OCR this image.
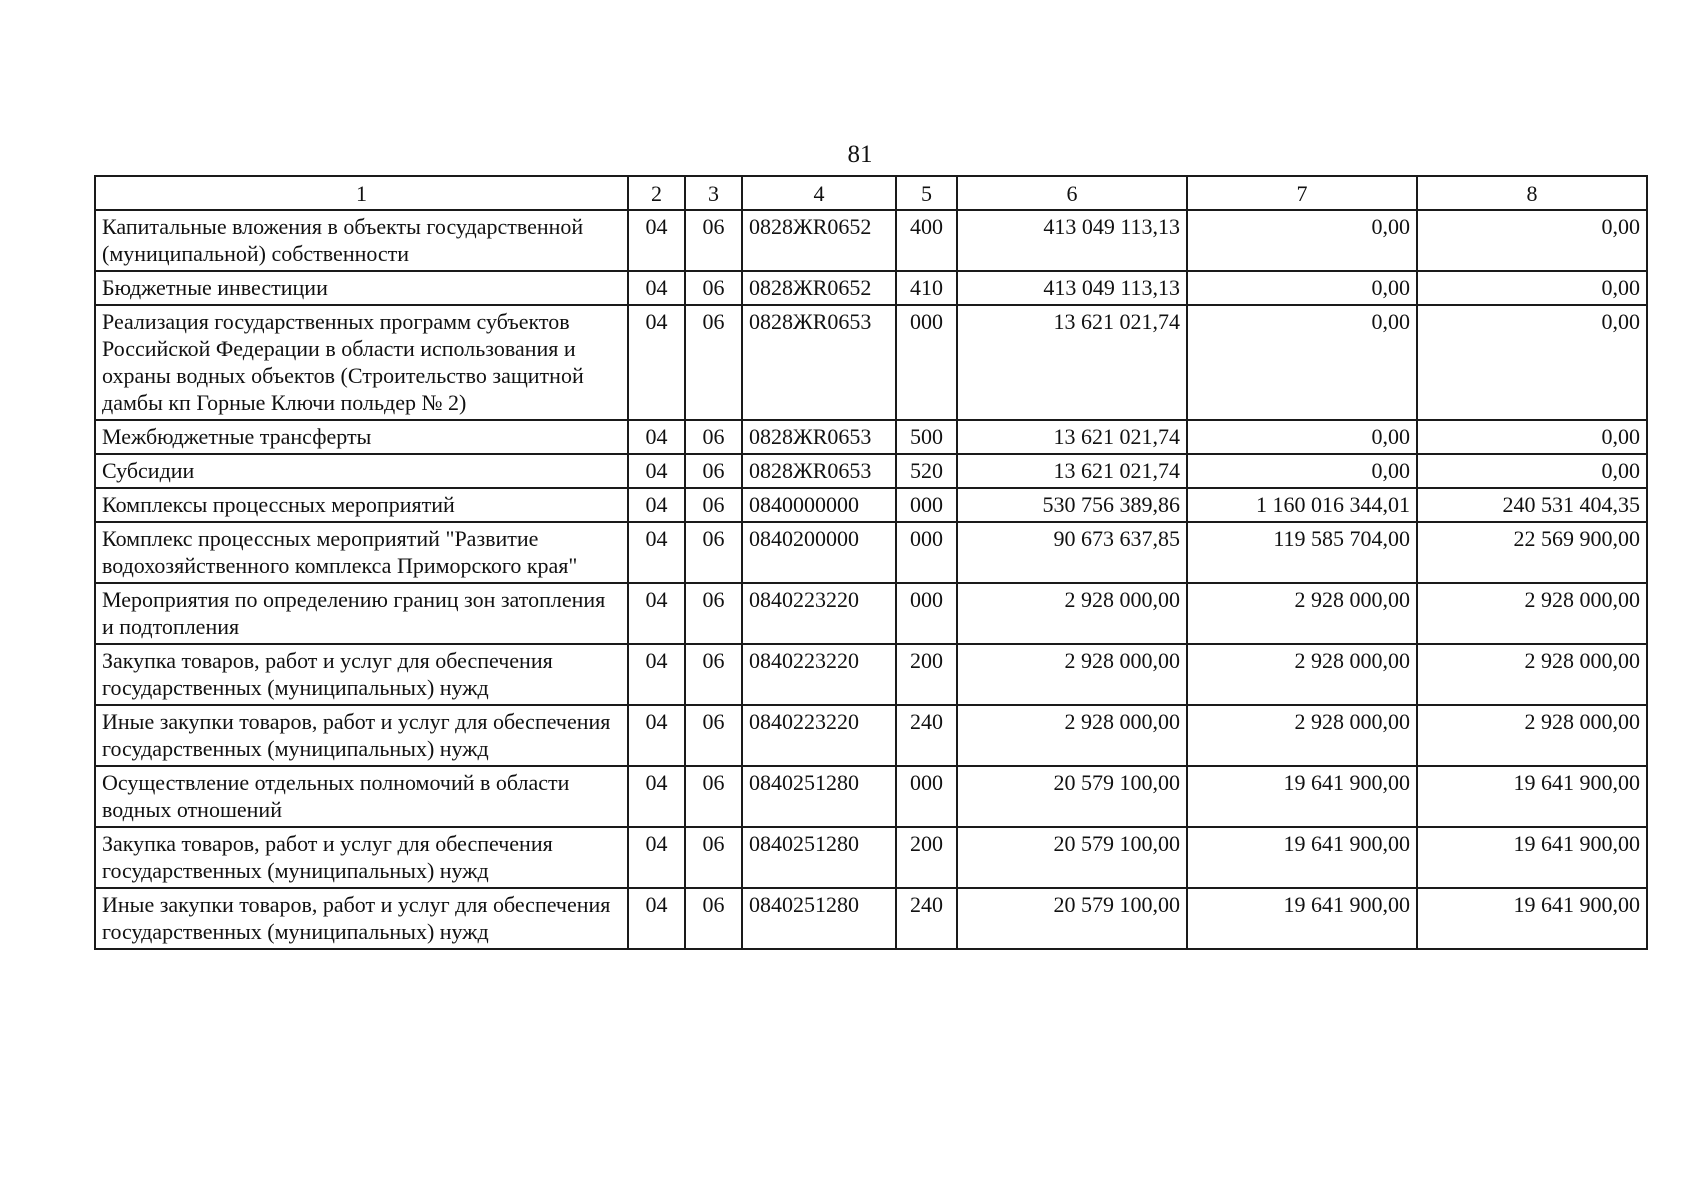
81
1	2	3	4	5	6	7	8
Капитальные вложения в объекты государственной (муниципальной) собственности	04	06	0828ЖR0652	400	413 049 113,13	0,00	0,00
Бюджетные инвестиции	04	06	0828ЖR0652	410	413 049 113,13	0,00	0,00
Реализация государственных программ субъектов Российской Федерации в области использования и охраны водных объектов (Строительство защитной дамбы кп Горные Ключи польдер № 2)	04	06	0828ЖR0653	000	13 621 021,74	0,00	0,00
Межбюджетные трансферты	04	06	0828ЖR0653	500	13 621 021,74	0,00	0,00
Субсидии	04	06	0828ЖR0653	520	13 621 021,74	0,00	0,00
Комплексы процессных мероприятий	04	06	0840000000	000	530 756 389,86	1 160 016 344,01	240 531 404,35
Комплекс процессных мероприятий "Развитие водохозяйственного комплекса Приморского края"	04	06	0840200000	000	90 673 637,85	119 585 704,00	22 569 900,00
Мероприятия по определению границ зон затопления и подтопления	04	06	0840223220	000	2 928 000,00	2 928 000,00	2 928 000,00
Закупка товаров, работ и услуг для обеспечения государственных (муниципальных) нужд	04	06	0840223220	200	2 928 000,00	2 928 000,00	2 928 000,00
Иные закупки товаров, работ и услуг для обеспечения государственных (муниципальных) нужд	04	06	0840223220	240	2 928 000,00	2 928 000,00	2 928 000,00
Осуществление отдельных полномочий в области водных отношений	04	06	0840251280	000	20 579 100,00	19 641 900,00	19 641 900,00
Закупка товаров, работ и услуг для обеспечения государственных (муниципальных) нужд	04	06	0840251280	200	20 579 100,00	19 641 900,00	19 641 900,00
Иные закупки товаров, работ и услуг для обеспечения государственных (муниципальных) нужд	04	06	0840251280	240	20 579 100,00	19 641 900,00	19 641 900,00
